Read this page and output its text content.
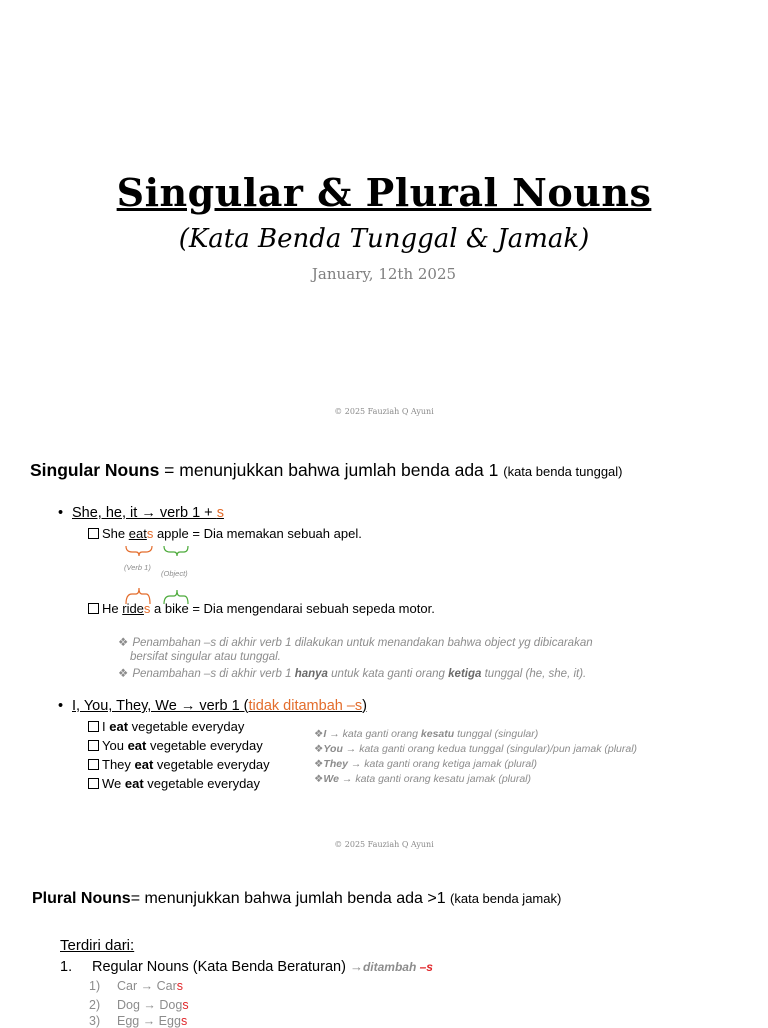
Singular & Plural Nouns
(Kata Benda Tunggal & Jamak)
January, 12th 2025
© 2025 Fauziah Q Ayuni
Singular Nouns = menunjukkan bahwa jumlah benda ada 1 (kata benda tunggal)
• She, he, it → verb 1 + s
She eats apple = Dia memakan sebuah apel.
(Verb 1)
(Object)
He rides a bike = Dia mengendarai sebuah sepeda motor.
❖ Penambahan –s di akhir verb 1 dilakukan untuk menandakan bahwa object yg dibicarakan
bersifat singular atau tunggal.
❖ Penambahan –s di akhir verb 1 hanya untuk kata ganti orang ketiga tunggal (he, she, it).
• I, You, They, We → verb 1 (tidak ditambah –s)
I eat vegetable everyday
You eat vegetable everyday
They eat vegetable everyday
We eat vegetable everyday
❖I → kata ganti orang kesatu tunggal (singular)
❖You → kata ganti orang kedua tunggal (singular)/pun jamak (plural)
❖They → kata ganti orang ketiga jamak (plural)
❖We → kata ganti orang kesatu jamak (plural)
© 2025 Fauziah Q Ayuni
Plural Nouns= menunjukkan bahwa jumlah benda ada >1 (kata benda jamak)
Terdiri dari:
1. Regular Nouns (Kata Benda Beraturan) →ditambah –s
1) Car → Cars
2) Dog → Dogs
3) Egg → Eggs
